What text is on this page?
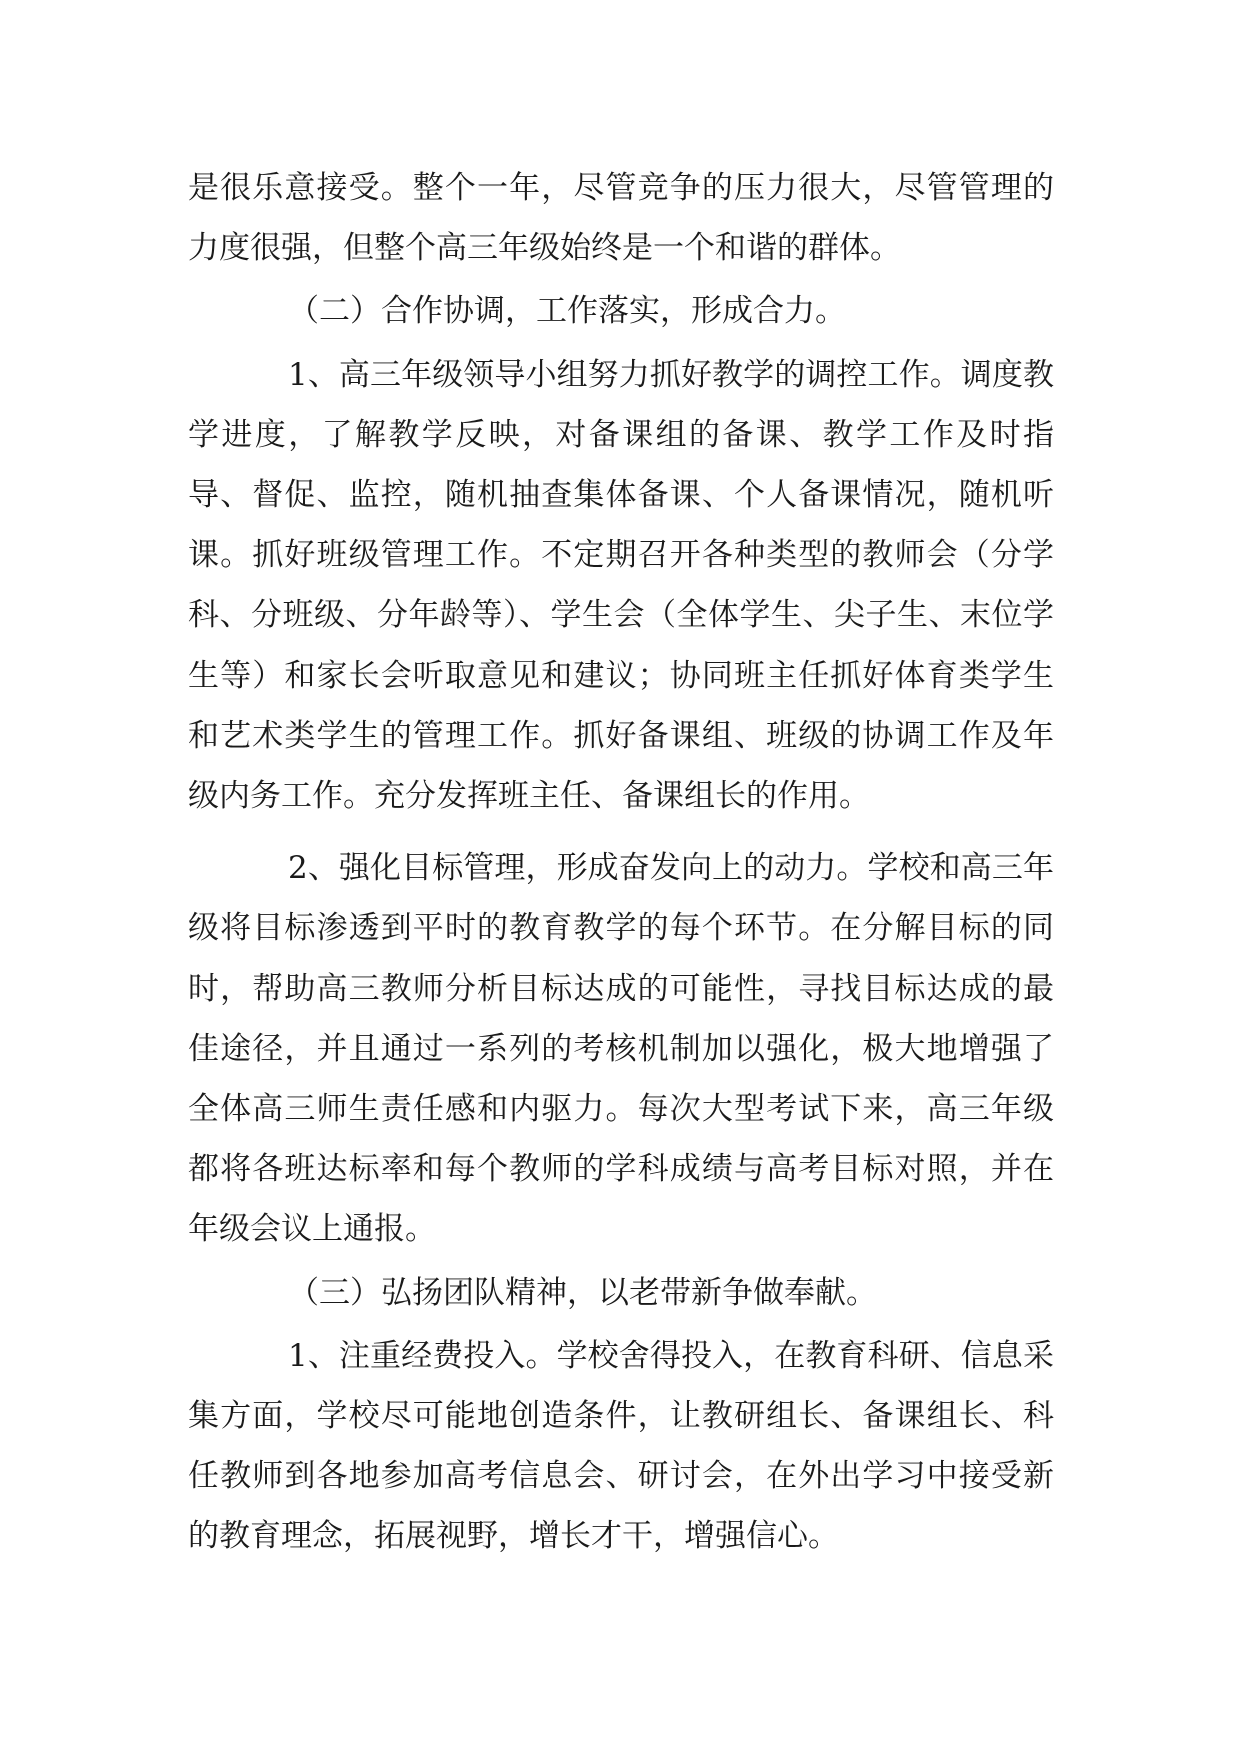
是很乐意接受。整个一年，尽管竞争的压力很大，尽管管理的力度很强，但整个高三年级始终是一个和谐的群体。

（二）合作协调，工作落实，形成合力。

1、高三年级领导小组努力抓好教学的调控工作。调度教学进度，了解教学反映，对备课组的备课、教学工作及时指导、督促、监控，随机抽查集体备课、个人备课情况，随机听课。抓好班级管理工作。不定期召开各种类型的教师会（分学科、分班级、分年龄等）、学生会（全体学生、尖子生、末位学生等）和家长会听取意见和建议；协同班主任抓好体育类学生和艺术类学生的管理工作。抓好备课组、班级的协调工作及年级内务工作。充分发挥班主任、备课组长的作用。

2、强化目标管理，形成奋发向上的动力。学校和高三年级将目标渗透到平时的教育教学的每个环节。在分解目标的同时，帮助高三教师分析目标达成的可能性，寻找目标达成的最佳途径，并且通过一系列的考核机制加以强化，极大地增强了全体高三师生责任感和内驱力。每次大型考试下来，高三年级都将各班达标率和每个教师的学科成绩与高考目标对照，并在年级会议上通报。

（三）弘扬团队精神，以老带新争做奉献。

1、注重经费投入。学校舍得投入，在教育科研、信息采集方面，学校尽可能地创造条件，让教研组长、备课组长、科任教师到各地参加高考信息会、研讨会，在外出学习中接受新的教育理念，拓展视野，增长才干，增强信心。
